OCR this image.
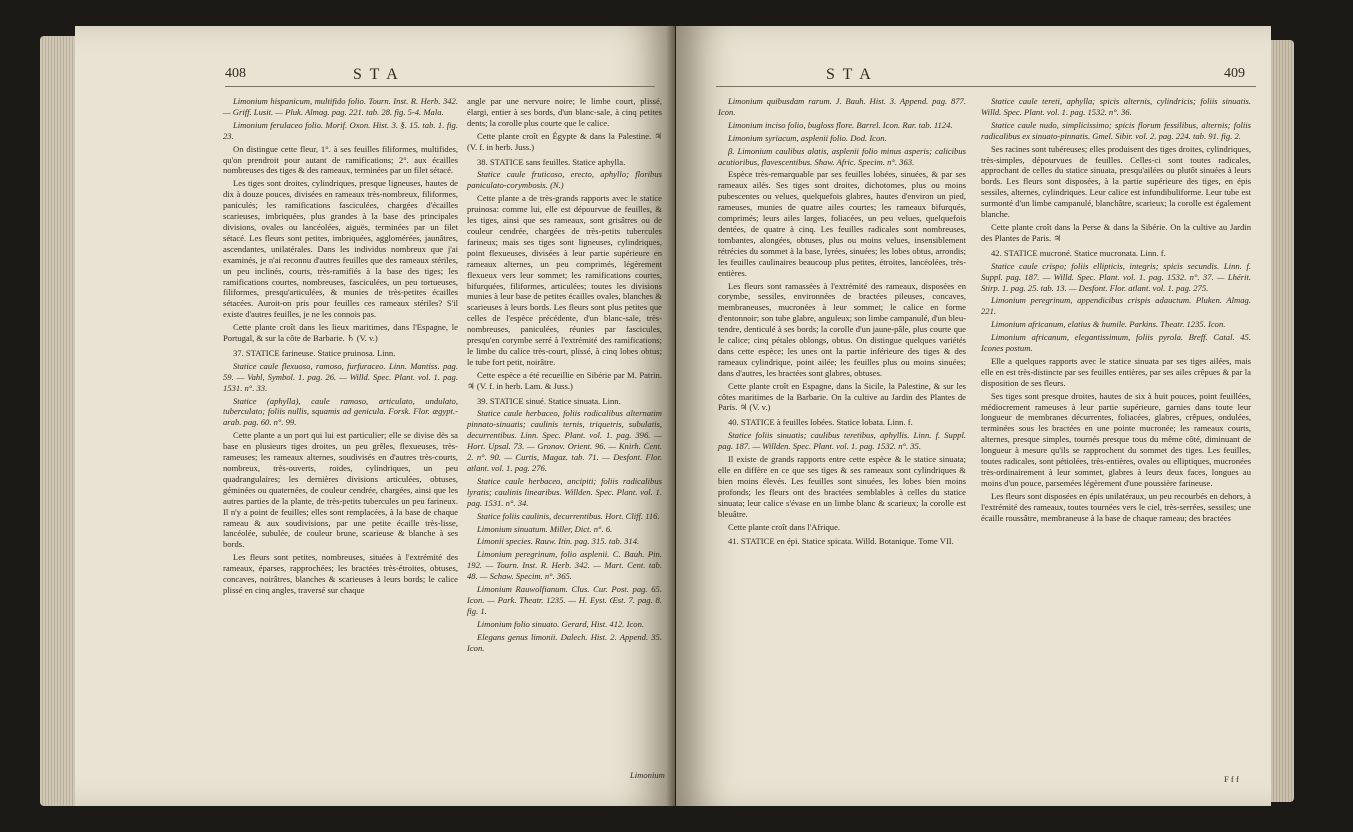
408	S T A

Limonium hispanicum, multifido folio. Tourn. Inst. R. Herb. 342. — Griff. Lusit. — Pluk. Almag. pag. 221. tab. 28. fig. 5-4. Mala.

Limonium ferulaceo folio. Morif. Oxon. Hist. 3. §. 15. tab. 1. fig. 23.

On distingue cette fleur, 1°. à ses feuilles filiformes, multifides, qu'on prendroit pour autant de ramifications; 2°. aux écailles nombreuses des tiges & des rameaux, terminées par un filet sétacé.

Les tiges sont droites, cylindriques, presque ligneuses, hautes de dix à douze pouces, divisées en rameaux très-nombreux, filiformes, paniculés; les ramifications fasciculées, chargées d'écailles scarieuses, imbriquées, plus grandes à la base des principales divisions, ovales ou lancéolées, aiguës, terminées par un filet sétacé. Les fleurs sont petites, imbriquées, agglomérées, jaunâtres, ascendantes, unilatérales. Dans les individus nombreux que j'ai examinés, je n'ai reconnu d'autres feuilles que des rameaux stériles, un peu inclinés, courts, très-ramifiés à la base des tiges; les ramifications courtes, nombreuses, fasciculées, un peu tortueuses, filiformes, presqu'articulées, & munies de très-petites écailles sétacées. Auroit-on pris pour feuilles ces rameaux stériles? S'il existe d'autres feuilles, je ne les connois pas.

Cette plante croît dans les lieux maritimes, dans l'Espagne, le Portugal, & sur la côte de Barbarie. ♄ (V. v.)

37. STATICE farineuse. Statice pruinosa. Linn.

Statice caule flexuoso, ramoso, furfuraceo. Linn. Mantiss. pag. 59. — Vahl, Symbol. 1. pag. 26. — Willd. Spec. Plant. vol. 1. pag. 1531. n°. 33.

Statice (aphylla), caule ramoso, articulato, undulato, tuberculato; foliis nullis, squamis ad genicula. Forsk. Flor. ægypt.-arab. pag. 60. n°. 99.

Cette plante a un port qui lui est particulier; elle se divise dès sa base en plusieurs tiges droites, un peu grêles, flexueuses, très-rameuses; les rameaux alternes, soudivisés en d'autres très-courts, nombreux, très-ouverts, roides, cylindriques, un peu quadrangulaires; les dernières divisions articulées, obtuses, géminées ou quaternées, de couleur cendrée, chargées, ainsi que les autres parties de la plante, de très-petits tubercules un peu farineux. Il n'y a point de feuilles; elles sont remplacées, à la base de chaque rameau & aux soudivisions, par une petite écaille très-lisse, lancéolée, subulée, de couleur brune, scarieuse & blanche à ses bords.

Les fleurs sont petites, nombreuses, situées à l'extrémité des rameaux, éparses, rapprochées; les bractées très-étroites, obtuses, concaves, noirâtres, blanches & scarieuses à leurs bords; le calice plissé en cinq angles, traversé sur chaque

angle par une nervure noire; le limbe court, plissé, élargi, entier à ses bords, d'un blanc-sale, à cinq petites dents; la corolle plus courte que le calice.

Cette plante croît en Égypte & dans la Palestine. ♃ (V. f. in herb. Juss.)

38. STATICE sans feuilles. Statice aphylla.

Statice caule fruticoso, erecto, aphyllo; floribus paniculato-corymbosis. (N.)

Cette plante a de très-grands rapports avec le statice pruinosa: comme lui, elle est dépourvue de feuilles, & les tiges, ainsi que ses rameaux, sont grisâtres ou de couleur cendrée, chargées de très-petits tubercules farineux; mais ses tiges sont ligneuses, cylindriques, point flexueuses, divisées à leur partie supérieure en rameaux alternes, un peu comprimés, légèrement flexueux vers leur sommet; les ramifications courtes, bifurquées, filiformes, articulées; toutes les divisions munies à leur base de petites écailles ovales, blanches & scarieuses à leurs bords. Les fleurs sont plus petites que celles de l'espèce précédente, d'un blanc-sale, très-nombreuses, paniculées, réunies par fascicules, presqu'en corymbe serré à l'extrémité des ramifications; le limbe du calice très-court, plissé, à cinq lobes obtus; le tube fort petit, noirâtre.

Cette espèce a été recueillie en Sibérie par M. Patrin. ♃ (V. f. in herb. Lam. & Juss.)

39. STATICE sinué. Statice sinuata. Linn.

Statice caule herbaceo, foliis radicalibus alternatim pinnato-sinuatis; caulinis ternis, triquetris, subulatis, decurrentibus. Linn. Spec. Plant. vol. 1. pag. 396. — Hort. Upsal. 73. — Gronov. Orient. 96. — Knirh. Cent. 2. n°. 90. — Curtis, Magaz. tab. 71. — Desfont. Flor. atlant. vol. 1. pag. 276.

Statice caule herbaceo, ancipiti; foliis radicalibus lyratis; caulinis linearibus. Willden. Spec. Plant. vol. 1. pag. 1531. n°. 34.

Statice foliis caulinis, decurrentibus. Hort. Cliff. 116.

Limonium sinuatum. Miller, Dict. n°. 6.

Limonii species. Rauw. Itin. pag. 315. tab. 314.

Limonium peregrinum, folio asplenii. C. Bauh. Pin. 192. — Tourn. Inst. R. Herb. 342. — Mart. Cent. tab. 48. — Schaw. Specim. n°. 365.

Limonium Rauwolfianum. Clus. Cur. Post. pag. 65. Icon. — Park. Theatr. 1235. — H. Eyst. Œst. 7. pag. 8. fig. 1.

Limonium folio sinuato. Gerard, Hist. 412. Icon.

Elegans genus limonii. Dalech. Hist. 2. Append. 35. Icon.

Limonium
S T A	409

Limonium quibusdam rarum. J. Bauh. Hist. 3. Append. pag. 877. Icon.

Limonium inciso folio, bugloss flore. Barrel. Icon. Rar. tab. 1124.

Limonium syriacum, asplenii folio. Dod. Icon.

β. Limonium caulibus alatis, asplenii folio minus asperis; calicibus acutioribus, flavescentibus. Shaw. Afric. Specim. n°. 363.

Espèce très-remarquable par ses feuilles lobées, sinuées, & par ses rameaux ailés. Ses tiges sont droites, dichotomes, plus ou moins pubescentes ou velues, quelquefois glabres, hautes d'environ un pied, rameuses, munies de quatre ailes courtes; les rameaux bifurqués, comprimés; leurs ailes larges, foliacées, un peu velues, quelquefois dentées, de quatre à cinq. Les feuilles radicales sont nombreuses, tombantes, alongées, obtuses, plus ou moins velues, insensiblement rétrécies du sommet à la base, lyrées, sinuées; les lobes obtus, arrondis; les feuilles caulinaires beaucoup plus petites, étroites, lancéolées, très-entières.

Les fleurs sont ramassées à l'extrémité des rameaux, disposées en corymbe, sessiles, environnées de bractées pileuses, concaves, membraneuses, mucronées à leur sommet; le calice en forme d'entonnoir; son tube glabre, anguleux; son limbe campanulé, d'un bleu-tendre, denticulé à ses bords; la corolle d'un jaune-pâle, plus courte que le calice; cinq pétales oblongs, obtus. On distingue quelques variétés dans cette espèce; les unes ont la partie inférieure des tiges & des rameaux cylindrique, point ailée; les feuilles plus ou moins sinuées; dans d'autres, les bractées sont glabres, obtuses.

Cette plante croît en Espagne, dans la Sicile, la Palestine, & sur les côtes maritimes de la Barbarie. On la cultive au Jardin des Plantes de Paris. ♃ (V. v.)

40. STATICE à feuilles lobées. Statice lobata. Linn. f.

Statice foliis sinuatis; caulibus teretibus, aphyllis. Linn. f. Suppl. pag. 187. — Willden. Spec. Plant. vol. 1. pag. 1532. n°. 35.

Il existe de grands rapports entre cette espèce & le statice sinuata; elle en diffère en ce que ses tiges & ses rameaux sont cylindriques & bien moins élevés. Les feuilles sont sinuées, les lobes bien moins profonds; les fleurs ont des bractées semblables à celles du statice sinuata; leur calice s'évase en un limbe blanc & scarieux; la corolle est bleuâtre.

Cette plante croît dans l'Afrique.

41. STATICE en épi. Statice spicata. Willd. Botanique. Tome VII.

Statice caule tereti, aphylla; spicis alternis, cylindricis; foliis sinuatis. Willd. Spec. Plant. vol. 1. pag. 1532. n°. 36.

Statice caule nudo, simplicissimo; spicis florum fessilibus, alternis; foliis radicalibus ex sinuato-pinnatis. Gmel. Sibir. vol. 2. pag. 224. tab. 91. fig. 2.

Ses racines sont tubéreuses; elles produisent des tiges droites, cylindriques, très-simples, dépourvues de feuilles. Celles-ci sont toutes radicales, approchant de celles du statice sinuata, presqu'ailées ou plutôt sinuées à leurs bords. Les fleurs sont disposées, à la partie supérieure des tiges, en épis sessiles, alternes, cylindriques. Leur calice est infundibuliforme. Leur tube est surmonté d'un limbe campanulé, blanchâtre, scarieux; la corolle est également blanche.

Cette plante croît dans la Perse & dans la Sibérie. On la cultive au Jardin des Plantes de Paris. ♃

42. STATICE mucroné. Statice mucronata. Linn. f.

Statice caule crispo; foliis ellipticis, integris; spicis secundis. Linn. f. Suppl. pag. 187. — Willd. Spec. Plant. vol. 1. pag. 1532. n°. 37. — Lhérit. Stirp. 1. pag. 25. tab. 13. — Desfont. Flor. atlant. vol. 1. pag. 275.

Limonium peregrinum, appendicibus crispis adauctum. Pluken. Almag. 221.

Limonium africanum, elatius & humile. Parkins. Theatr. 1235. Icon.

Limonium africanum, elegantissimum, foliis pyrola. Breff. Catal. 45. Icones postum.

Elle a quelques rapports avec le statice sinuata par ses tiges ailées, mais elle en est très-distincte par ses feuilles entières, par ses ailes crêpues & par la disposition de ses fleurs.

Ses tiges sont presque droites, hautes de six à huit pouces, point feuillées, médiocrement rameuses à leur partie supérieure, garnies dans toute leur longueur de membranes décurrentes, foliacées, glabres, crêpues, ondulées, terminées sous les bractées en une pointe mucronée; les rameaux courts, alternes, presque simples, tournés presque tous du même côté, diminuant de longueur à mesure qu'ils se rapprochent du sommet des tiges. Les feuilles, toutes radicales, sont pétiolées, très-entières, ovales ou elliptiques, mucronées très-ordinairement à leur sommet, glabres à leurs deux faces, longues au moins d'un pouce, parsemées légèrement d'une poussière farineuse.

Les fleurs sont disposées en épis unilatéraux, un peu recourbés en dehors, à l'extrémité des rameaux, toutes tournées vers le ciel, très-serrées, sessiles; une écaille roussâtre, membraneuse à la base de chaque rameau; des bractées

F f f
